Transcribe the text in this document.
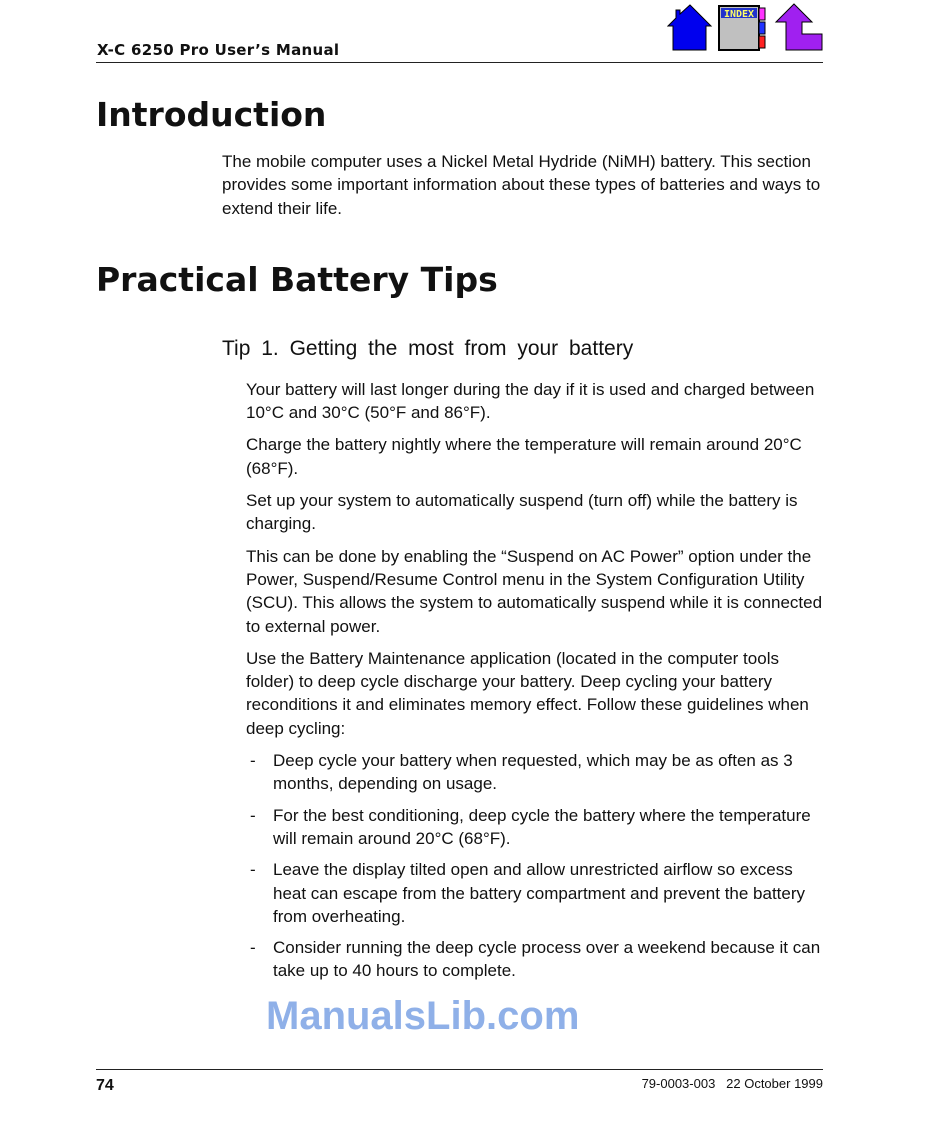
X-C 6250 Pro User’s Manual
INDEX
Introduction

The mobile computer uses a Nickel Metal Hydride (NiMH) battery. This section provides some important information about these types of batteries and ways to extend their life.

Practical Battery Tips
Tip 1. Getting the most from your battery

Your battery will last longer during the day if it is used and charged between 10°C and 30°C (50°F and 86°F).

Charge the battery nightly where the temperature will remain around 20°C (68°F).

Set up your system to automatically suspend (turn off) while the battery is charging.

This can be done by enabling the “Suspend on AC Power” option under the Power, Suspend/Resume Control menu in the System Configuration Utility (SCU). This allows the system to automatically suspend while it is connected to external power.

Use the Battery Maintenance application (located in the computer tools folder) to deep cycle discharge your battery. Deep cycling your battery reconditions it and eliminates memory effect. Follow these guidelines when deep cycling:

- Deep cycle your battery when requested, which may be as often as 3 months, depending on usage.
- For the best conditioning, deep cycle the battery where the temperature will remain around 20°C (68°F).
- Leave the display tilted open and allow unrestricted airflow so excess heat can escape from the battery compartment and prevent the battery from overheating.
- Consider running the deep cycle process over a weekend because it can take up to 40 hours to complete.
ManualsLib.com
74	79-0003-003   22 October 1999
